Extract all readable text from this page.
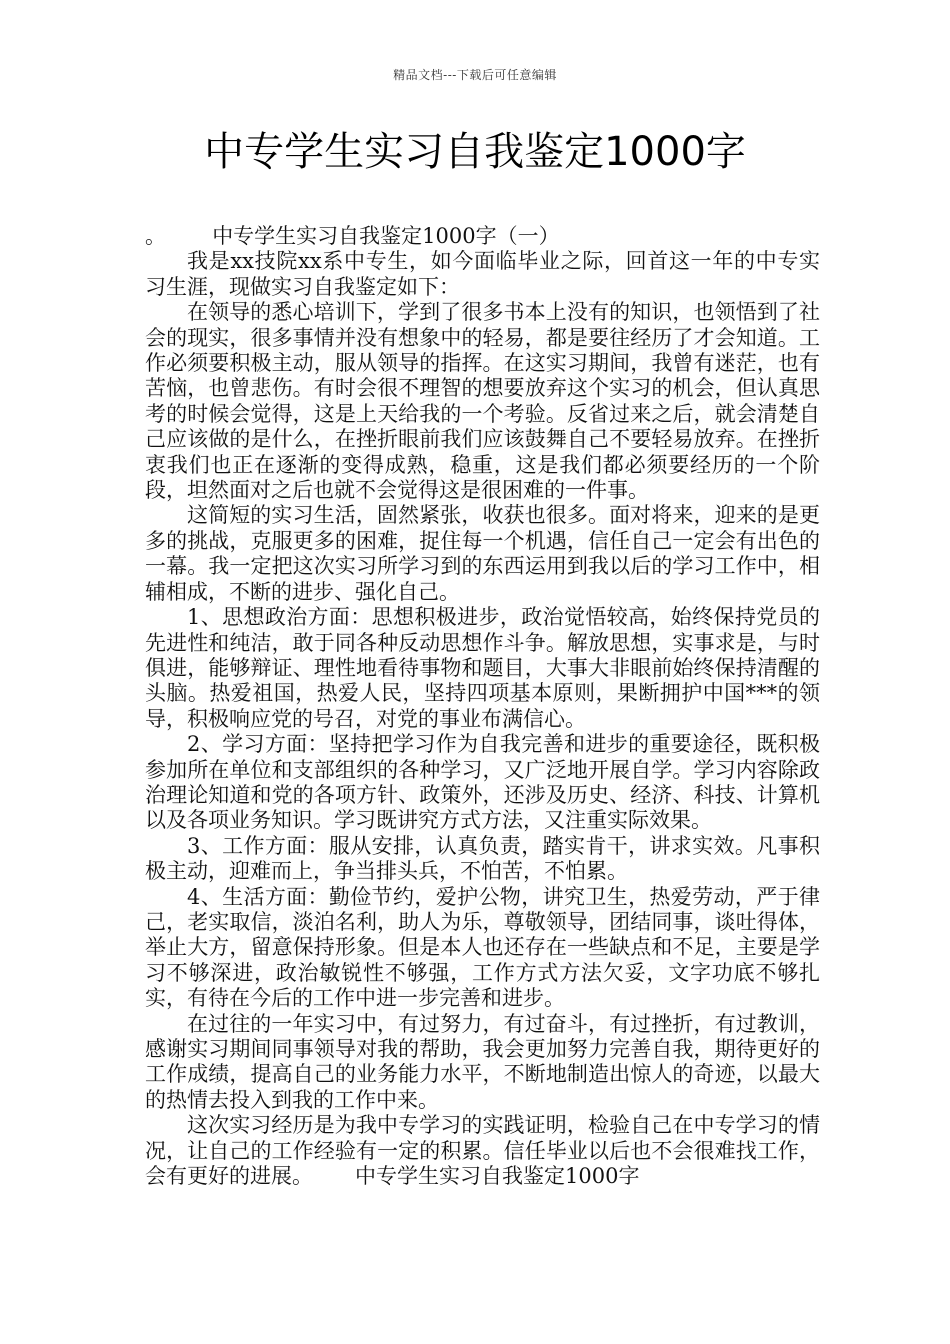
精品文档---下载后可任意编辑
中专学生实习自我鉴定1000字

。 中专学生实习自我鉴定1000字（一）

我是xx技院xx系中专生，如今面临毕业之际，回首这一年的中专实习生涯，现做实习自我鉴定如下：

在领导的悉心培训下，学到了很多书本上没有的知识，也领悟到了社会的现实，很多事情并没有想象中的轻易，都是要往经历了才会知道。工作必须要积极主动，服从领导的指挥。在这实习期间，我曾有迷茫，也有苦恼，也曾悲伤。有时会很不理智的想要放弃这个实习的机会，但认真思考的时候会觉得，这是上天给我的一个考验。反省过来之后，就会清楚自己应该做的是什么，在挫折眼前我们应该鼓舞自己不要轻易放弃。在挫折衷我们也正在逐渐的变得成熟，稳重，这是我们都必须要经历的一个阶段，坦然面对之后也就不会觉得这是很困难的一件事。

这简短的实习生活，固然紧张，收获也很多。面对将来，迎来的是更多的挑战，克服更多的困难，捉住每一个机遇，信任自己一定会有出色的一幕。我一定把这次实习所学习到的东西运用到我以后的学习工作中，相辅相成，不断的进步、强化自己。

1、思想政治方面：思想积极进步，政治觉悟较高，始终保持党员的先进性和纯洁，敢于同各种反动思想作斗争。解放思想，实事求是，与时俱进，能够辩证、理性地看待事物和题目，大事大非眼前始终保持清醒的头脑。热爱祖国，热爱人民，坚持四项基本原则，果断拥护中国***的领导，积极响应党的号召，对党的事业布满信心。

2、学习方面：坚持把学习作为自我完善和进步的重要途径，既积极参加所在单位和支部组织的各种学习，又广泛地开展自学。学习内容除政治理论知道和党的各项方针、政策外，还涉及历史、经济、科技、计算机以及各项业务知识。学习既讲究方式方法，又注重实际效果。

3、工作方面：服从安排，认真负责，踏实肯干，讲求实效。凡事积极主动，迎难而上，争当排头兵，不怕苦，不怕累。

4、生活方面：勤俭节约，爱护公物，讲究卫生，热爱劳动，严于律己，老实取信，淡泊名利，助人为乐，尊敬领导，团结同事，谈吐得体，举止大方，留意保持形象。但是本人也还存在一些缺点和不足，主要是学习不够深进，政治敏锐性不够强，工作方式方法欠妥，文字功底不够扎实，有待在今后的工作中进一步完善和进步。

在过往的一年实习中，有过努力，有过奋斗，有过挫折，有过教训，感谢实习期间同事领导对我的帮助，我会更加努力完善自我，期待更好的工作成绩，提高自己的业务能力水平，不断地制造出惊人的奇迹，以最大的热情去投入到我的工作中来。

这次实习经历是为我中专学习的实践证明，检验自己在中专学习的情况，让自己的工作经验有一定的积累。信任毕业以后也不会很难找工作，会有更好的进展。 中专学生实习自我鉴定1000字
